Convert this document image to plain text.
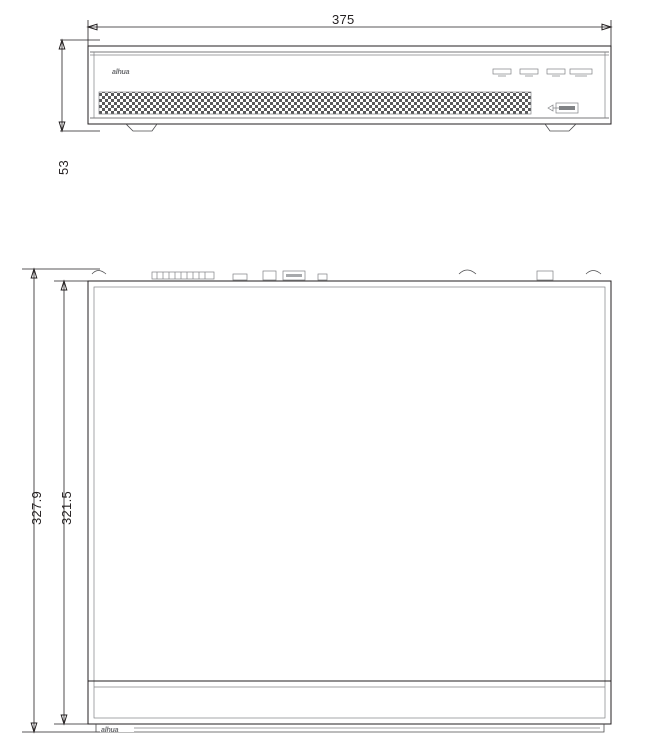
alhua
alhua
375
53
327.9 321.5
